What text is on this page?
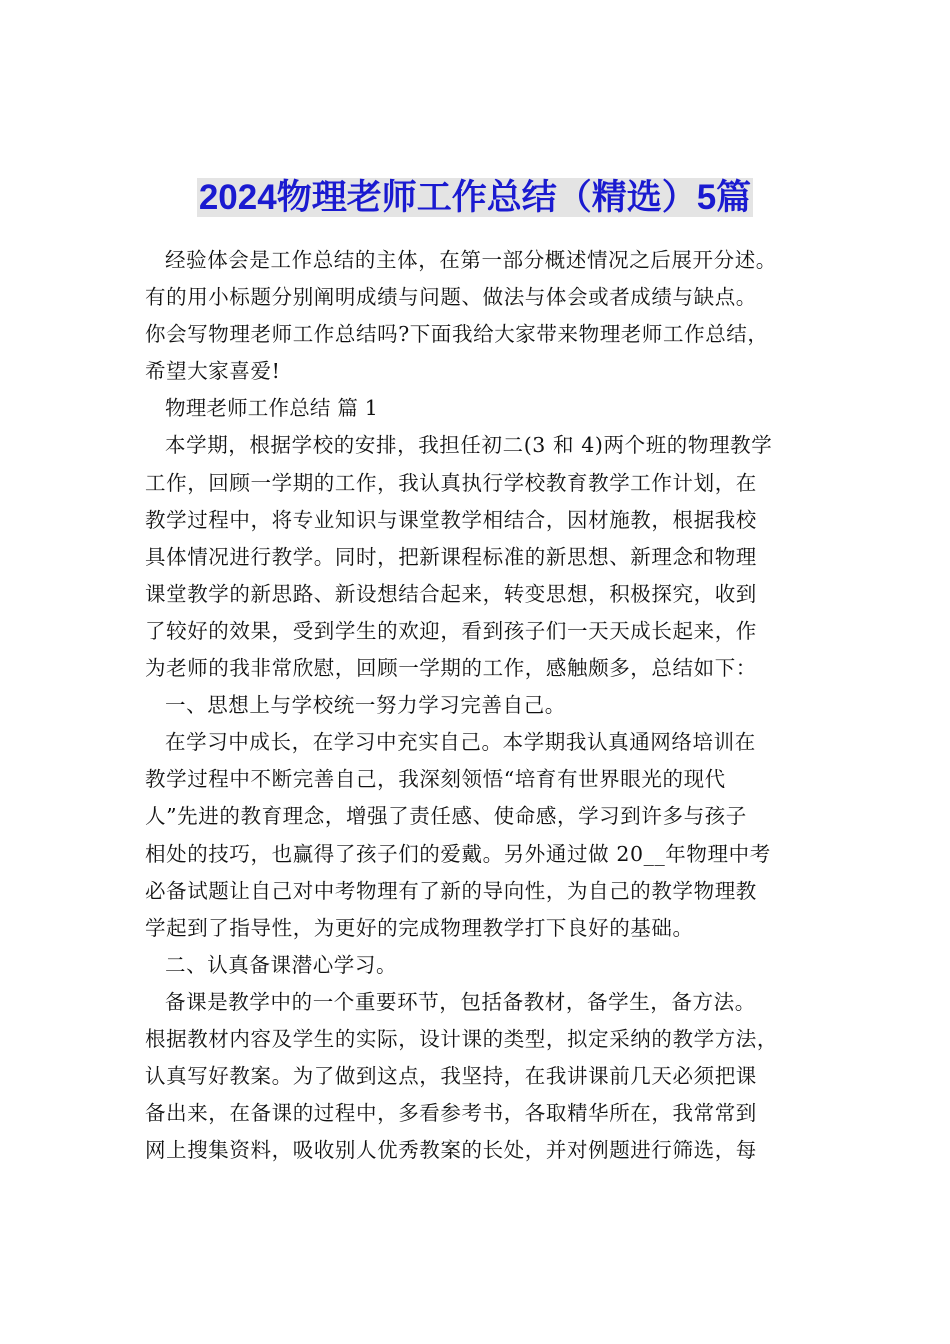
2024物理老师工作总结（精选）5篇
经验体会是工作总结的主体，在第一部分概述情况之后展开分述。
有的用小标题分别阐明成绩与问题、做法与体会或者成绩与缺点。
你会写物理老师工作总结吗?下面我给大家带来物理老师工作总结，
希望大家喜爱!
物理老师工作总结 篇 1
本学期，根据学校的安排，我担任初二(3 和 4)两个班的物理教学
工作，回顾一学期的工作，我认真执行学校教育教学工作计划，在
教学过程中，将专业知识与课堂教学相结合，因材施教，根据我校
具体情况进行教学。同时，把新课程标准的新思想、新理念和物理
课堂教学的新思路、新设想结合起来，转变思想，积极探究，收到
了较好的效果，受到学生的欢迎，看到孩子们一天天成长起来，作
为老师的我非常欣慰，回顾一学期的工作，感触颇多，总结如下：
一、思想上与学校统一努力学习完善自己。
在学习中成长，在学习中充实自己。本学期我认真通网络培训在
教学过程中不断完善自己，我深刻领悟“培育有世界眼光的现代
人”先进的教育理念，增强了责任感、使命感，学习到许多与孩子
相处的技巧，也赢得了孩子们的爱戴。另外通过做 20__年物理中考
必备试题让自己对中考物理有了新的导向性，为自己的教学物理教
学起到了指导性，为更好的完成物理教学打下良好的基础。
二、认真备课潜心学习。
备课是教学中的一个重要环节，包括备教材，备学生，备方法。
根据教材内容及学生的实际，设计课的类型，拟定采纳的教学方法，
认真写好教案。为了做到这点，我坚持，在我讲课前几天必须把课
备出来，在备课的过程中，多看参考书，各取精华所在，我常常到
网上搜集资料，吸收别人优秀教案的长处，并对例题进行筛选，每
